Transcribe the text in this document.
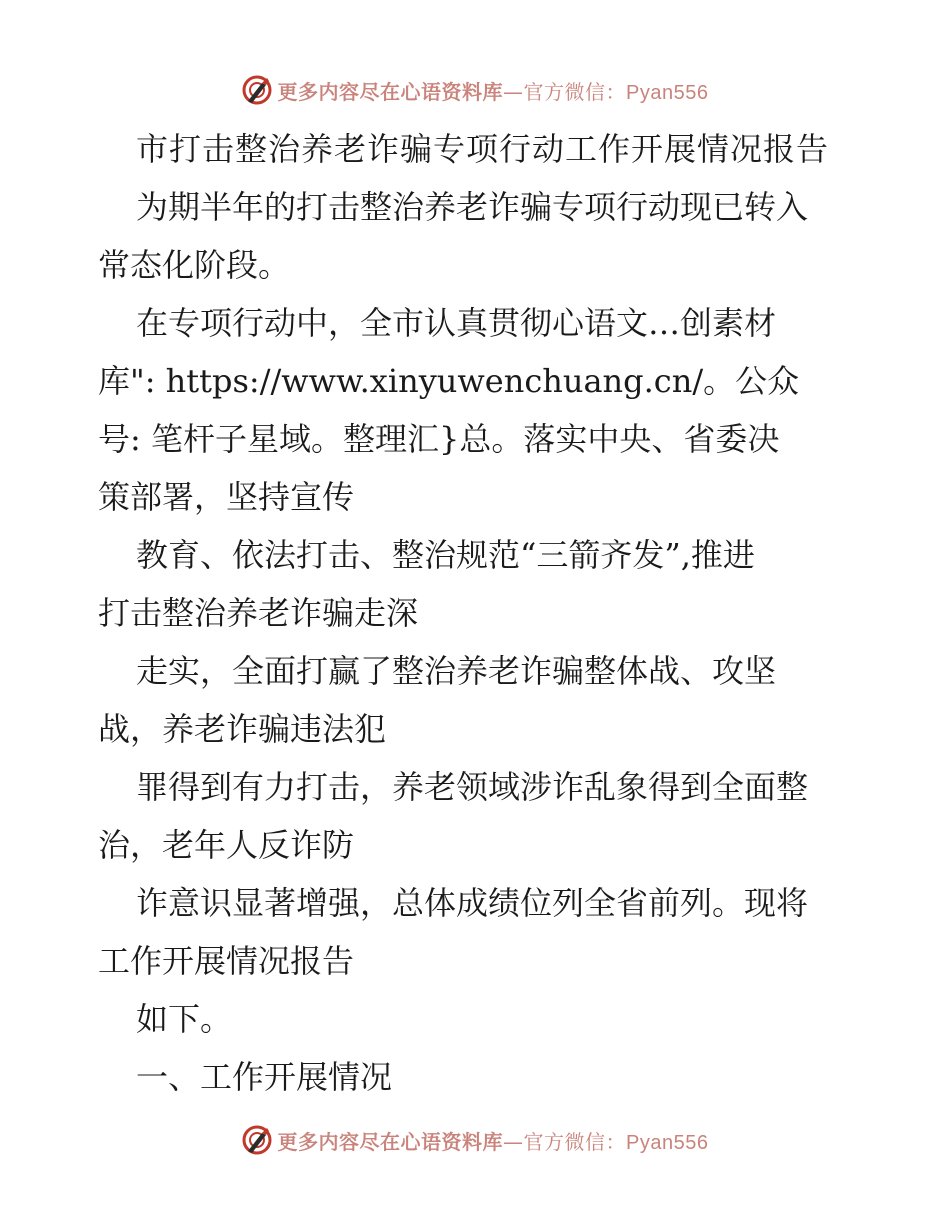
更多内容尽在心语资料库—官方微信：Pyan556
市打击整治养老诈骗专项行动工作开展情况报告
为期半年的打击整治养老诈骗专项行动现已转入
常态化阶段。
在专项行动中，全市认真贯彻心语文…创素材
库": https://www.xinyuwenchuang.cn/。公众
号: 笔杆子星域。整理汇}总。落实中央、省委决
策部署，坚持宣传
教育、依法打击、整治规范“三箭齐发”,推进
打击整治养老诈骗走深
走实，全面打赢了整治养老诈骗整体战、攻坚
战，养老诈骗违法犯
罪得到有力打击，养老领域涉诈乱象得到全面整
治，老年人反诈防
诈意识显著增强，总体成绩位列全省前列。现将
工作开展情况报告
如下。
一、工作开展情况
更多内容尽在心语资料库—官方微信：Pyan556
